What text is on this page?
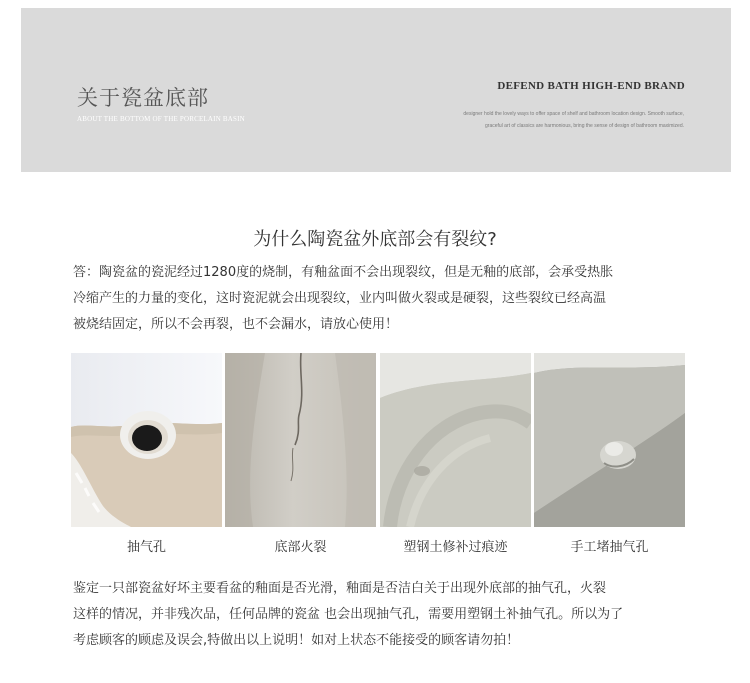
关于瓷盆底部
ABOUT THE BOTTOM OF THE PORCELAIN BASIN
DEFEND BATH HIGH-END BRAND
designer hold the lovely ways to offer space of shelf and bathroom location design. Smooth surface,
graceful art of classics are harmonious, bring the sense of design of bathroom maximized.
为什么陶瓷盆外底部会有裂纹?
答：陶瓷盆的瓷泥经过1280度的烧制，有釉盆面不会出现裂纹，但是无釉的底部，会承受热胀
冷缩产生的力量的变化，这时瓷泥就会出现裂纹，业内叫做火裂或是硬裂，这些裂纹已经高温
被烧结固定，所以不会再裂，也不会漏水，请放心使用！
抽气孔	底部火裂	塑钢土修补过痕迹	手工堵抽气孔
鉴定一只部瓷盆好坏主要看盆的釉面是否光滑，釉面是否洁白关于出现外底部的抽气孔，火裂
这样的情况，并非残次品，任何品牌的瓷盆 也会出现抽气孔，需要用塑钢土补抽气孔。所以为了
考虑顾客的顾虑及误会,特做出以上说明！如对上状态不能接受的顾客请勿拍！
